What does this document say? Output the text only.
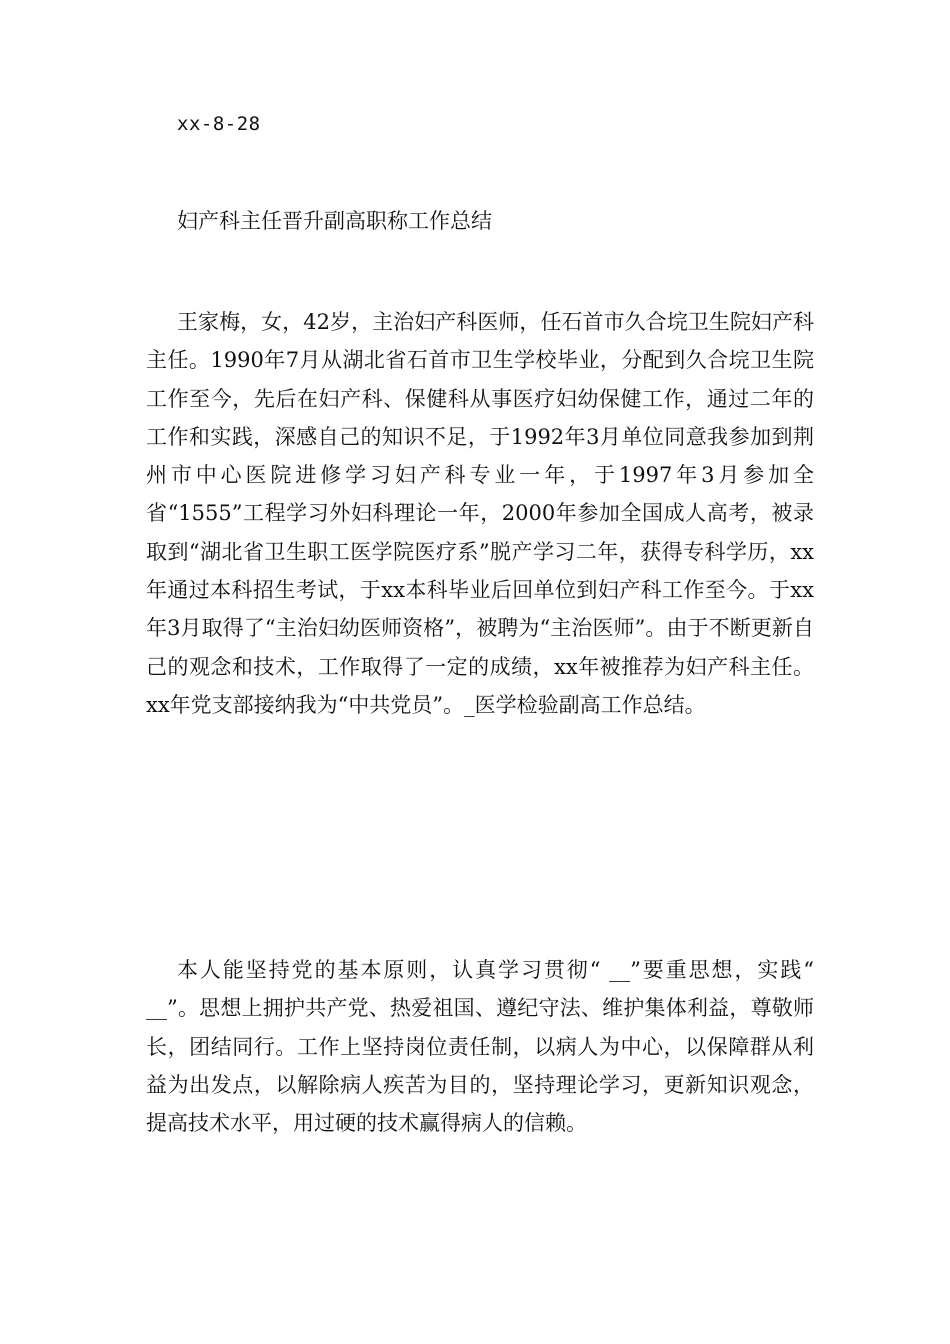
xx-8-28
妇产科主任晋升副高职称工作总结

王家梅，女，42岁，主治妇产科医师，任石首市久合垸卫生院妇产科主任。1990年7月从湖北省石首市卫生学校毕业，分配到久合垸卫生院工作至今，先后在妇产科、保健科从事医疗妇幼保健工作，通过二年的工作和实践，深感自己的知识不足，于1992年3月单位同意我参加到荆州市中心医院进修学习妇产科专业一年，于1997年3月参加全省“1555”工程学习外妇科理论一年，2000年参加全国成人高考，被录取到“湖北省卫生职工医学院医疗系”脱产学习二年，获得专科学历，xx年通过本科招生考试，于xx本科毕业后回单位到妇产科工作至今。于xx年3月取得了“主治妇幼医师资格”，被聘为“主治医师”。由于不断更新自己的观念和技术，工作取得了一定的成绩，xx年被推荐为妇产科主任。xx年党支部接纳我为“中共党员”。_医学检验副高工作总结。

本人能坚持党的基本原则，认真学习贯彻“ __”要重思想，实践“ __”。思想上拥护共产党、热爱祖国、遵纪守法、维护集体利益，尊敬师长，团结同行。工作上坚持岗位责任制，以病人为中心，以保障群从利益为出发点，以解除病人疾苦为目的，坚持理论学习，更新知识观念，提高技术水平，用过硬的技术赢得病人的信赖。
